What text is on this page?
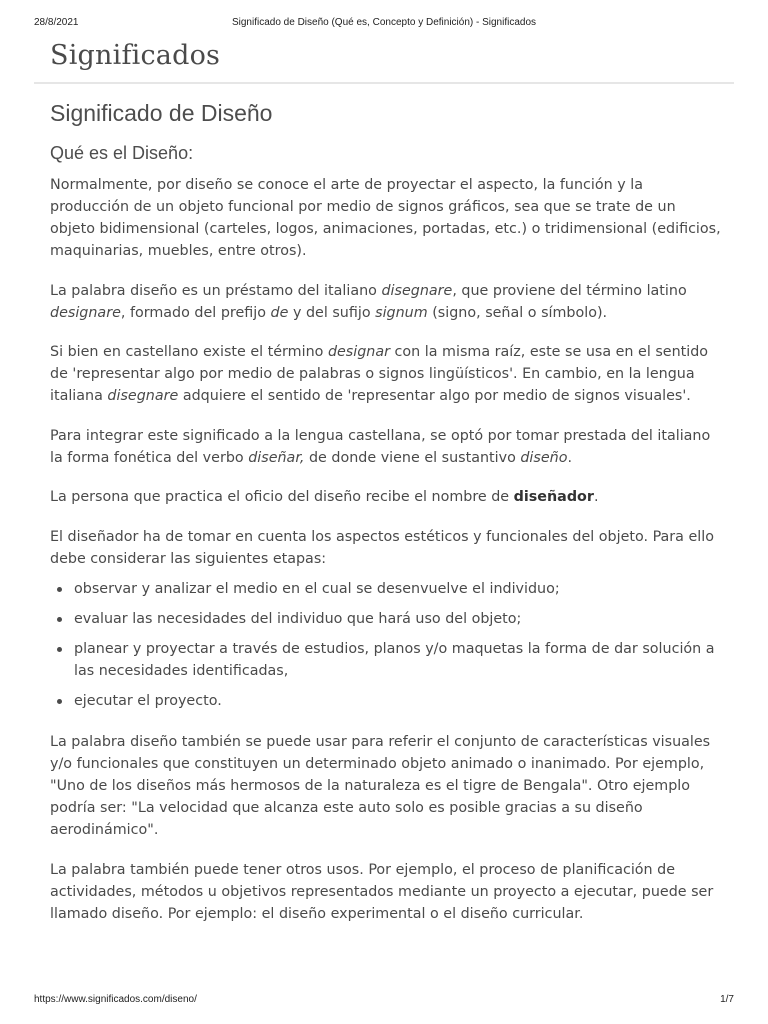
28/8/2021	Significado de Diseño (Qué es, Concepto y Definición) - Significados
Significados
Significado de Diseño
Qué es el Diseño:

Normalmente, por diseño se conoce el arte de proyectar el aspecto, la función y la producción de un objeto funcional por medio de signos gráficos, sea que se trate de un objeto bidimensional (carteles, logos, animaciones, portadas, etc.) o tridimensional (edificios, maquinarias, muebles, entre otros).

La palabra diseño es un préstamo del italiano disegnare, que proviene del término latino designare, formado del prefijo de y del sufijo signum (signo, señal o símbolo).

Si bien en castellano existe el término designar con la misma raíz, este se usa en el sentido de 'representar algo por medio de palabras o signos lingüísticos'. En cambio, en la lengua italiana disegnare adquiere el sentido de 'representar algo por medio de signos visuales'.

Para integrar este significado a la lengua castellana, se optó por tomar prestada del italiano la forma fonética del verbo diseñar, de donde viene el sustantivo diseño.

La persona que practica el oficio del diseño recibe el nombre de diseñador.

El diseñador ha de tomar en cuenta los aspectos estéticos y funcionales del objeto. Para ello debe considerar las siguientes etapas:

observar y analizar el medio en el cual se desenvuelve el individuo;
evaluar las necesidades del individuo que hará uso del objeto;
planear y proyectar a través de estudios, planos y/o maquetas la forma de dar solución a las necesidades identificadas,
ejecutar el proyecto.

La palabra diseño también se puede usar para referir el conjunto de características visuales y/o funcionales que constituyen un determinado objeto animado o inanimado. Por ejemplo, "Uno de los diseños más hermosos de la naturaleza es el tigre de Bengala". Otro ejemplo podría ser: "La velocidad que alcanza este auto solo es posible gracias a su diseño aerodinámico".

La palabra también puede tener otros usos. Por ejemplo, el proceso de planificación de actividades, métodos u objetivos representados mediante un proyecto a ejecutar, puede ser llamado diseño. Por ejemplo: el diseño experimental o el diseño curricular.

https://www.significados.com/diseno/	1/7
